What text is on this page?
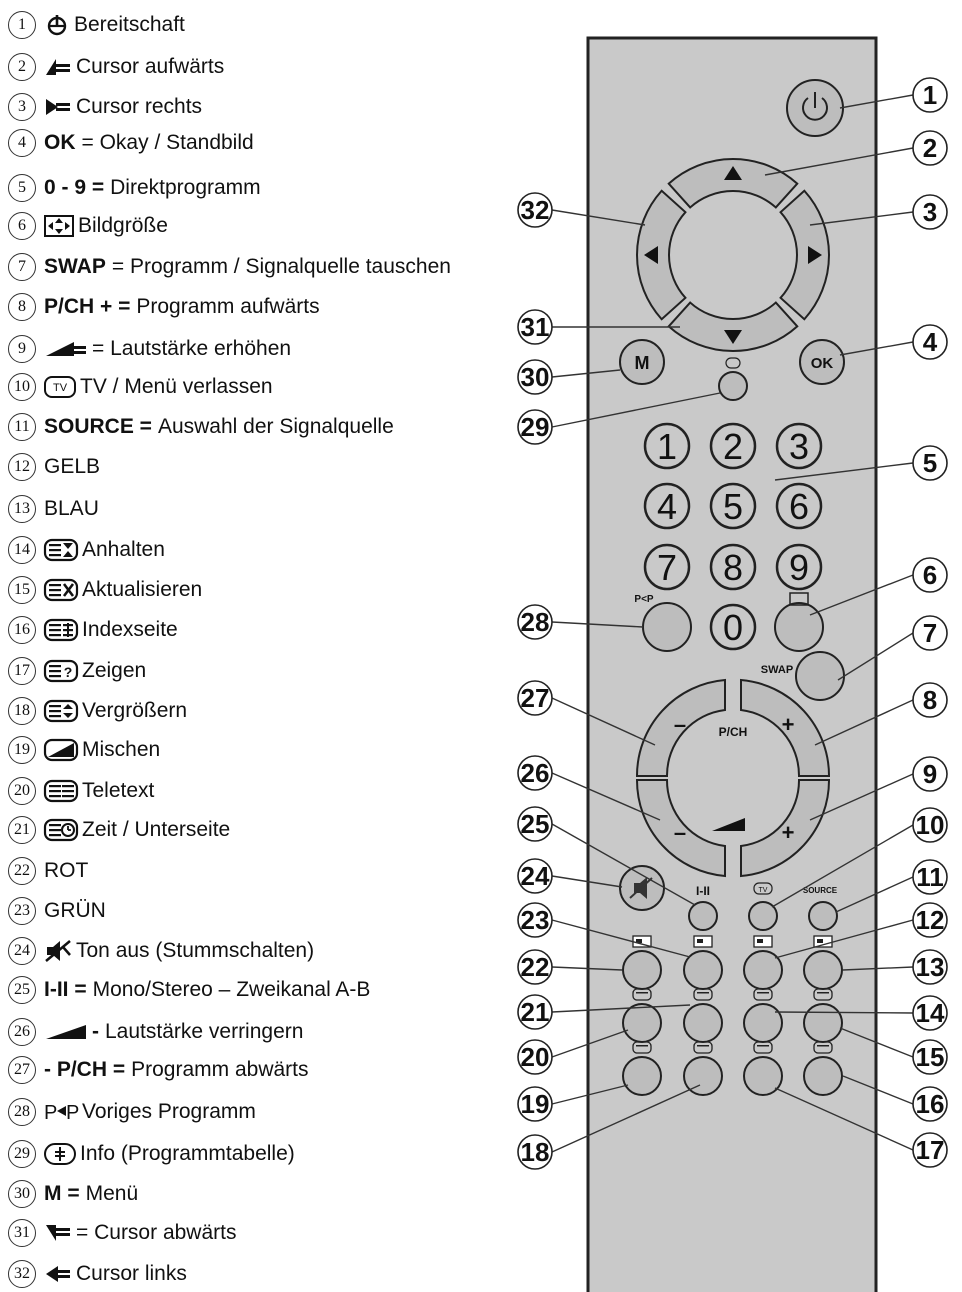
1	Bereitschaft
2	Cursor aufwärts
3	Cursor rechts
4 OK = Okay / Standbild
5 0 - 9 = Direktprogramm
6	Bildgröße
7 SWAP = Programm / Signalquelle tauschen
8 P/CH + = Programm aufwärts
9	= Lautstärke erhöhen
10	TV TV / Menü verlassen
11 SOURCE = Auswahl der Signalquelle
12 GELB
13 BLAU
14 Anhalten
15 Aktualisieren
16 Indexseite
17	? Zeigen
18 Vergrößern
19 Mischen
20 Teletext
21 Zeit / Unterseite
22 ROT
23 GRÜN
24 Ton aus (Stummschalten)
25 I-II = Mono/Stereo – Zweikanal A-B
26	- Lautstärke verringern
27 - P/CH = Programm abwärts
28 P P Voriges Programm
29 Info (Programmtabelle)
30 M = Menü
31 = Cursor abwärts
32 Cursor links
M	OK
1 2 3
4 5 6
7 8 9
0
P<P
SWAP
P/CH
–	+
–	+
I-II	TV	SOURCE
1
2
3
4
5
6
7
8
9
10
11
12
13
14
15
16
17
18
19
20
21
22
23
24
25
26
27
28
29
30
31
32
